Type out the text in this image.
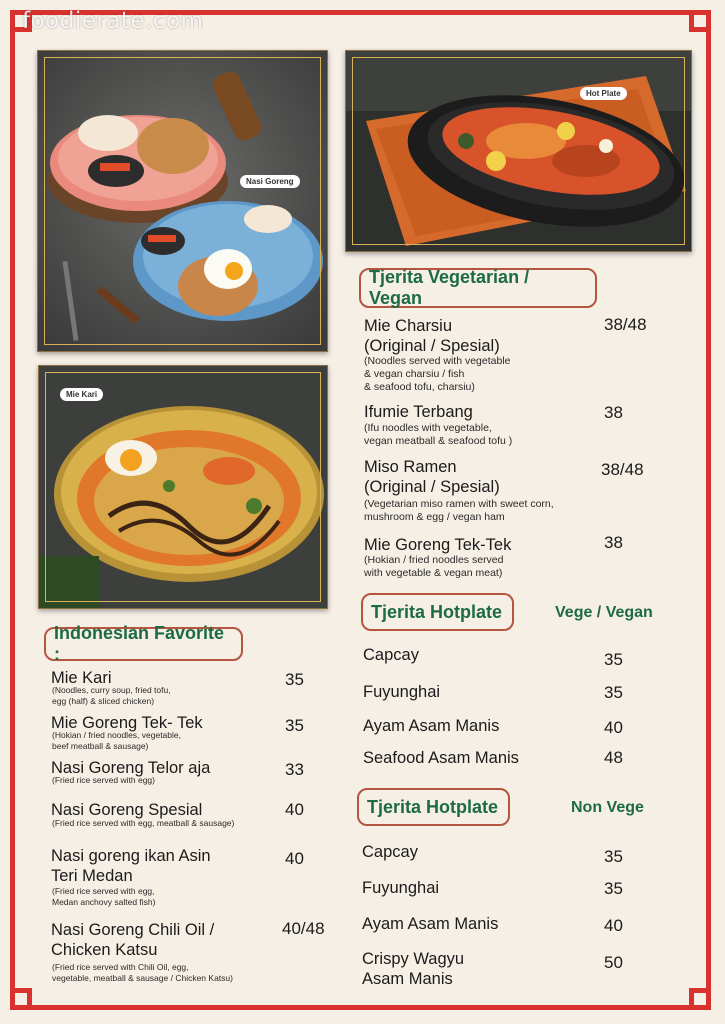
foodierate.com
Nasi Goreng
Hot Plate
Mie Kari
Indonesian Favorite :
Mie Kari
(Noodles, curry soup, fried tofu,
egg (half) & sliced chicken)
35
Mie Goreng Tek- Tek
(Hokian / fried noodles, vegetable,
beef meatball & sausage)
35
Nasi Goreng Telor aja
(Fried rice served with egg)
33
Nasi Goreng Spesial
(Fried rice served with egg, meatball & sausage)
40
Nasi goreng ikan Asin
Teri Medan
(Fried rice served with egg,
Medan anchovy salted fish)
40
Nasi Goreng Chili Oil /
Chicken Katsu
(Fried rice served with Chili Oil, egg,
vegetable, meatball & sausage / Chicken Katsu)
40/48
Tjerita Vegetarian / Vegan
Mie Charsiu
(Original / Spesial)
(Noodles served with vegetable
& vegan charsiu / fish
& seafood tofu, charsiu)
38/48
Ifumie Terbang
(Ifu noodles with vegetable,
vegan meatball & seafood tofu )
38
Miso Ramen
(Original / Spesial)
(Vegetarian miso ramen with sweet corn,
mushroom & egg / vegan ham
38/48
Mie Goreng Tek-Tek
(Hokian / fried noodles served
with vegetable & vegan meat)
38
Tjerita Hotplate	Vege / Vegan
Capcay	35
Fuyunghai	35
Ayam Asam Manis	40
Seafood Asam Manis	48
Tjerita Hotplate	Non Vege
Capcay	35
Fuyunghai	35
Ayam Asam Manis	40
Crispy Wagyu
Asam Manis
50
